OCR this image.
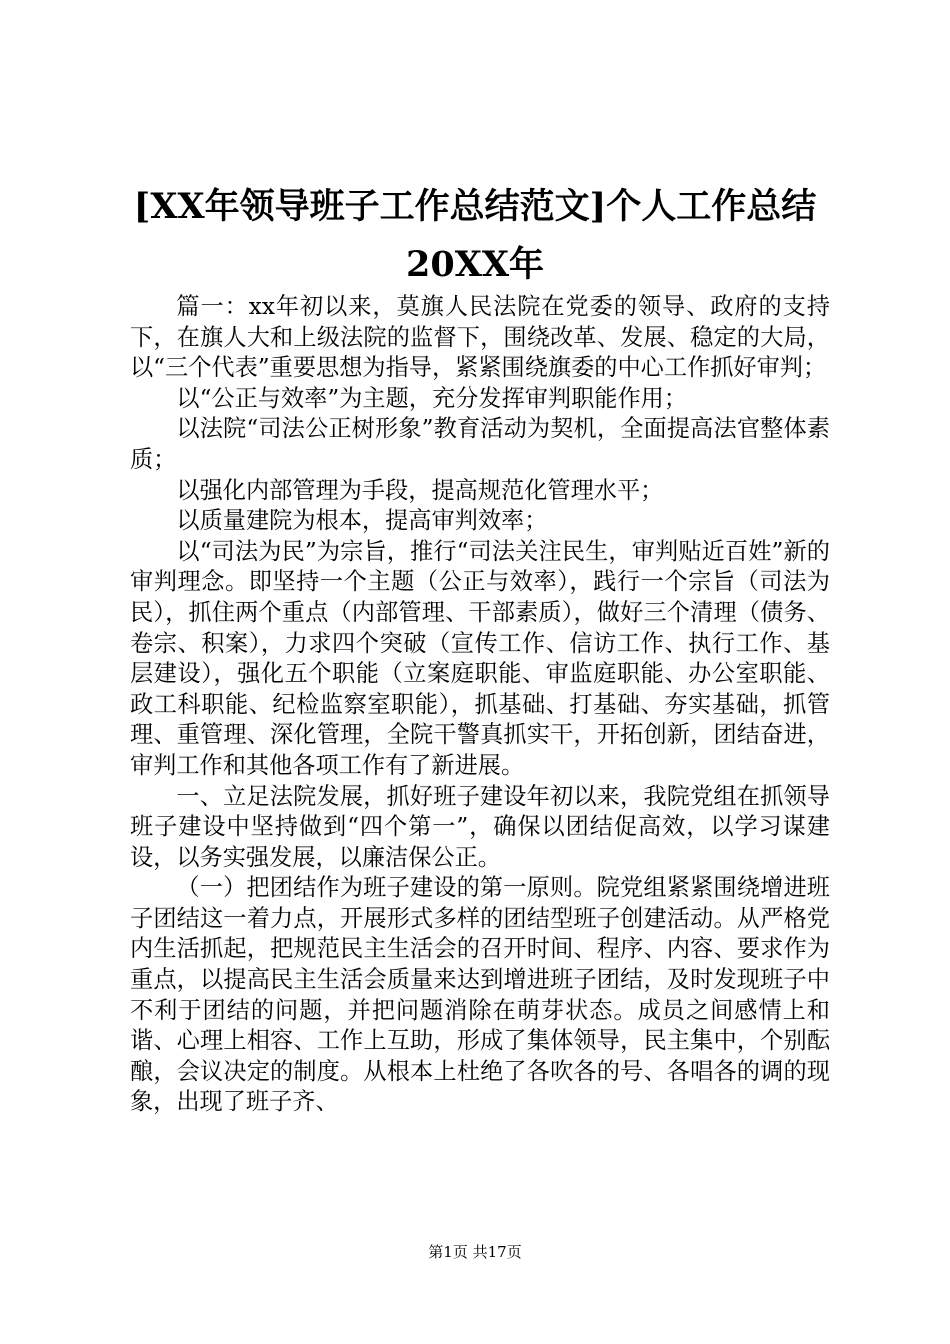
[XX年领导班子工作总结范文]个人工作总结
20XX年

篇一：xx年初以来，莫旗人民法院在党委的领导、政府的支持下，在旗人大和上级法院的监督下，围绕改革、发展、稳定的大局，以“三个代表”重要思想为指导，紧紧围绕旗委的中心工作抓好审判；

以“公正与效率”为主题，充分发挥审判职能作用；

以法院“司法公正树形象”教育活动为契机，全面提高法官整体素质；

以强化内部管理为手段，提高规范化管理水平；

以质量建院为根本，提高审判效率；

以“司法为民”为宗旨，推行“司法关注民生，审判贴近百姓”新的审判理念。即坚持一个主题（公正与效率），践行一个宗旨（司法为民），抓住两个重点（内部管理、干部素质），做好三个清理（债务、卷宗、积案），力求四个突破（宣传工作、信访工作、执行工作、基层建设），强化五个职能（立案庭职能、审监庭职能、办公室职能、政工科职能、纪检监察室职能），抓基础、打基础、夯实基础，抓管理、重管理、深化管理，全院干警真抓实干，开拓创新，团结奋进，审判工作和其他各项工作有了新进展。

一、立足法院发展，抓好班子建设年初以来，我院党组在抓领导班子建设中坚持做到“四个第一”，确保以团结促高效，以学习谋建设，以务实强发展，以廉洁保公正。

（一）把团结作为班子建设的第一原则。院党组紧紧围绕增进班子团结这一着力点，开展形式多样的团结型班子创建活动。从严格党内生活抓起，把规范民主生活会的召开时间、程序、内容、要求作为重点，以提高民主生活会质量来达到增进班子团结，及时发现班子中不利于团结的问题，并把问题消除在萌芽状态。成员之间感情上和谐、心理上相容、工作上互助，形成了集体领导，民主集中，个别酝酿，会议决定的制度。从根本上杜绝了各吹各的号、各唱各的调的现象，出现了班子齐、

第1页 共17页
